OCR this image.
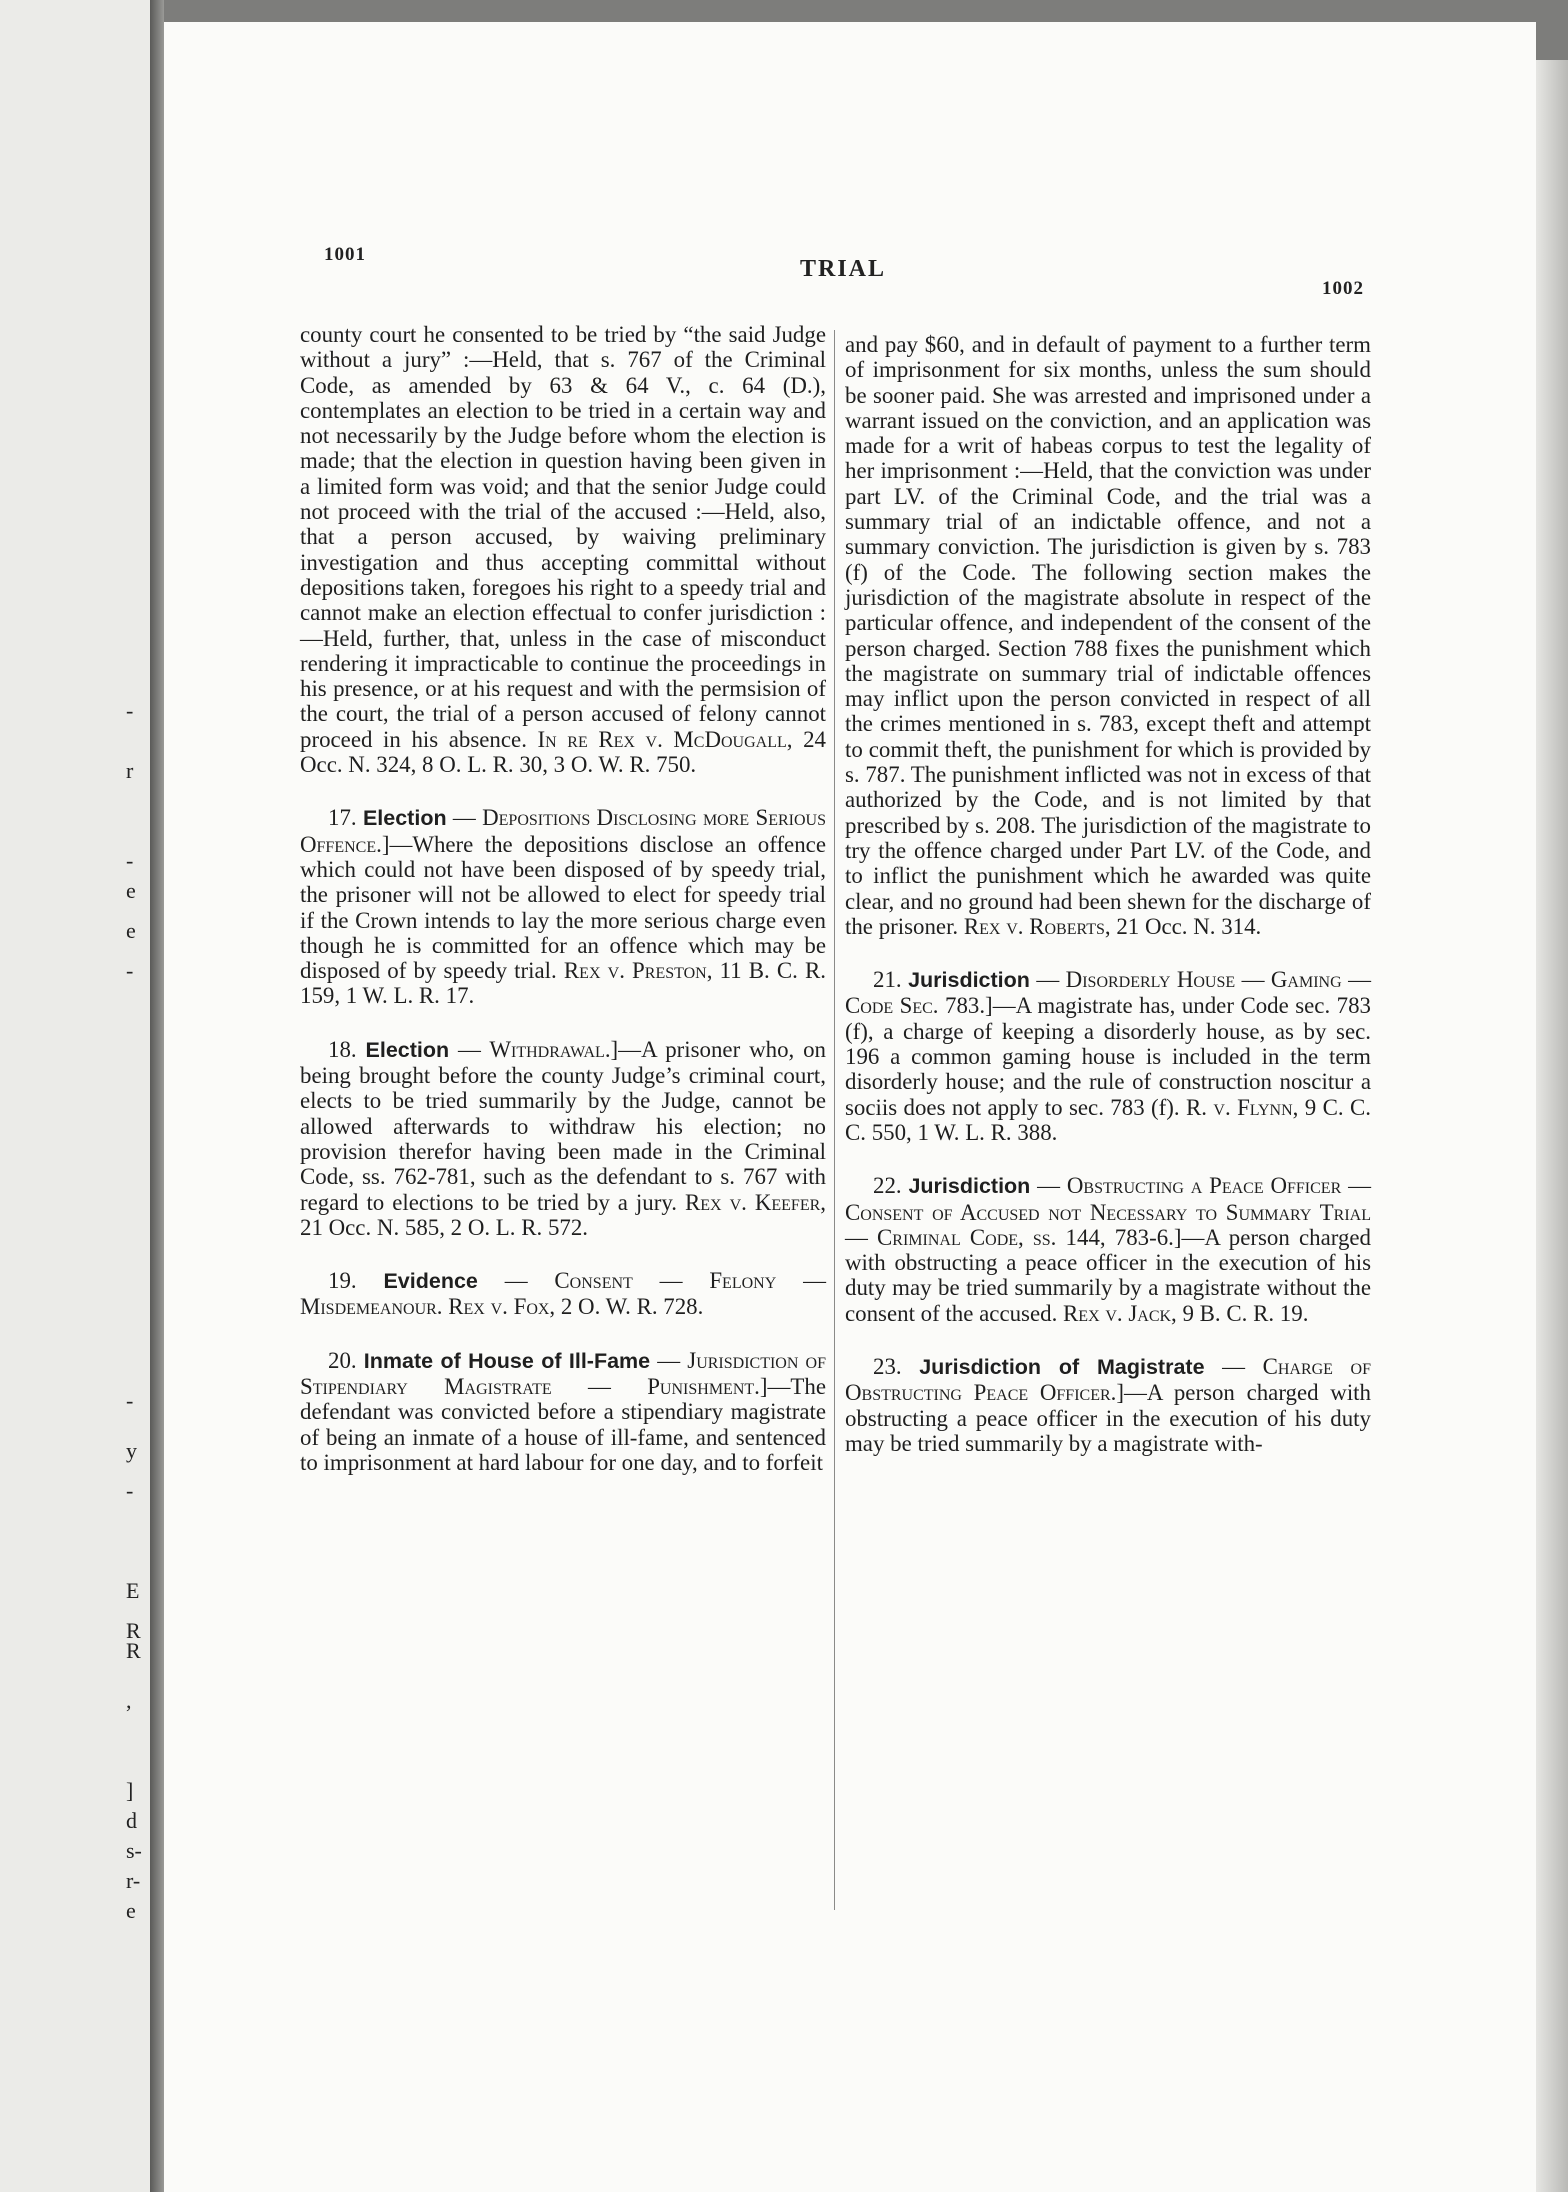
-
r
-
e
e
-
-
y
-
E
R
R
,
]
d
s-
r-
e
1001
TRIAL
1002

county court he consented to be tried by “the said Judge without a jury” :—Held, that s. 767 of the Criminal Code, as amended by 63 & 64 V., c. 64 (D.), contemplates an election to be tried in a certain way and not necessarily by the Judge before whom the election is made; that the election in question having been given in a limited form was void; and that the senior Judge could not proceed with the trial of the accused :—Held, also, that a person accused, by waiving preliminary investigation and thus accepting committal without depositions taken, foregoes his right to a speedy trial and cannot make an election effectual to confer jurisdiction :—Held, further, that, unless in the case of misconduct rendering it impracticable to continue the proceedings in his presence, or at his request and with the permsision of the court, the trial of a person accused of felony cannot proceed in his absence. In re Rex v. McDougall, 24 Occ. N. 324, 8 O. L. R. 30, 3 O. W. R. 750.

17. Election — Depositions Disclosing more Serious Offence.]—Where the depositions disclose an offence which could not have been disposed of by speedy trial, the prisoner will not be allowed to elect for speedy trial if the Crown intends to lay the more serious charge even though he is committed for an offence which may be disposed of by speedy trial. Rex v. Preston, 11 B. C. R. 159, 1 W. L. R. 17.

18. Election — Withdrawal.]—A prisoner who, on being brought before the county Judge’s criminal court, elects to be tried summarily by the Judge, cannot be allowed afterwards to withdraw his election; no provision therefor having been made in the Criminal Code, ss. 762-781, such as the defendant to s. 767 with regard to elections to be tried by a jury. Rex v. Keefer, 21 Occ. N. 585, 2 O. L. R. 572.

19. Evidence — Consent — Felony — Misdemeanour. Rex v. Fox, 2 O. W. R. 728.

20. Inmate of House of Ill-Fame — Jurisdiction of Stipendiary Magistrate — Punishment.]—The defendant was convicted before a stipendiary magistrate of being an inmate of a house of ill-fame, and sentenced to imprisonment at hard labour for one day, and to forfeit

and pay $60, and in default of payment to a further term of imprisonment for six months, unless the sum should be sooner paid. She was arrested and imprisoned under a warrant issued on the conviction, and an application was made for a writ of habeas corpus to test the legality of her imprisonment :—Held, that the conviction was under part LV. of the Criminal Code, and the trial was a summary trial of an indictable offence, and not a summary conviction. The jurisdiction is given by s. 783 (f) of the Code. The following section makes the jurisdiction of the magistrate absolute in respect of the particular offence, and independent of the consent of the person charged. Section 788 fixes the punishment which the magistrate on summary trial of indictable offences may inflict upon the person convicted in respect of all the crimes mentioned in s. 783, except theft and attempt to commit theft, the punishment for which is provided by s. 787. The punishment inflicted was not in excess of that authorized by the Code, and is not limited by that prescribed by s. 208. The jurisdiction of the magistrate to try the offence charged under Part LV. of the Code, and to inflict the punishment which he awarded was quite clear, and no ground had been shewn for the discharge of the prisoner. Rex v. Roberts, 21 Occ. N. 314.

21. Jurisdiction — Disorderly House — Gaming — Code Sec. 783.]—A magistrate has, under Code sec. 783 (f), a charge of keeping a disorderly house, as by sec. 196 a common gaming house is included in the term disorderly house; and the rule of construction noscitur a sociis does not apply to sec. 783 (f). R. v. Flynn, 9 C. C. C. 550, 1 W. L. R. 388.

22. Jurisdiction — Obstructing a Peace Officer — Consent of Accused not Necessary to Summary Trial — Criminal Code, ss. 144, 783-6.]—A person charged with obstructing a peace officer in the execution of his duty may be tried summarily by a magistrate without the consent of the accused. Rex v. Jack, 9 B. C. R. 19.

23. Jurisdiction of Magistrate — Charge of Obstructing Peace Officer.]—A person charged with obstructing a peace officer in the execution of his duty may be tried summarily by a magistrate with-
